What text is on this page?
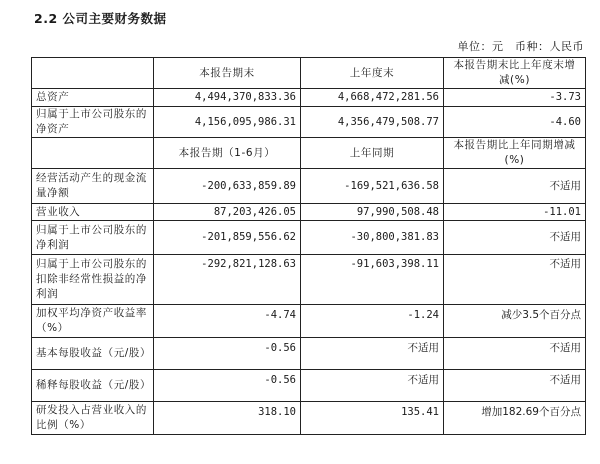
2.2 公司主要财务数据
单位：元　币种：人民币
	本报告期末	上年度末	本报告期末比上年度末增减(%)
总资产	4,494,370,833.36	4,668,472,281.56	-3.73
归属于上市公司股东的净资产	4,156,095,986.31	4,356,479,508.77	-4.60
	本报告期（1-6月）	上年同期	本报告期比上年同期增减(%)
经营活动产生的现金流量净额	-200,633,859.89	-169,521,636.58	不适用
营业收入	87,203,426.05	97,990,508.48	-11.01
归属于上市公司股东的净利润	-201,859,556.62	-30,800,381.83	不适用
归属于上市公司股东的扣除非经常性损益的净利润	-292,821,128.63	-91,603,398.11	不适用
加权平均净资产收益率（%）	-4.74	-1.24	减少3.5个百分点
基本每股收益（元/股）	-0.56	不适用	不适用
稀释每股收益（元/股）	-0.56	不适用	不适用
研发投入占营业收入的比例（%）	318.10	135.41	增加182.69个百分点
